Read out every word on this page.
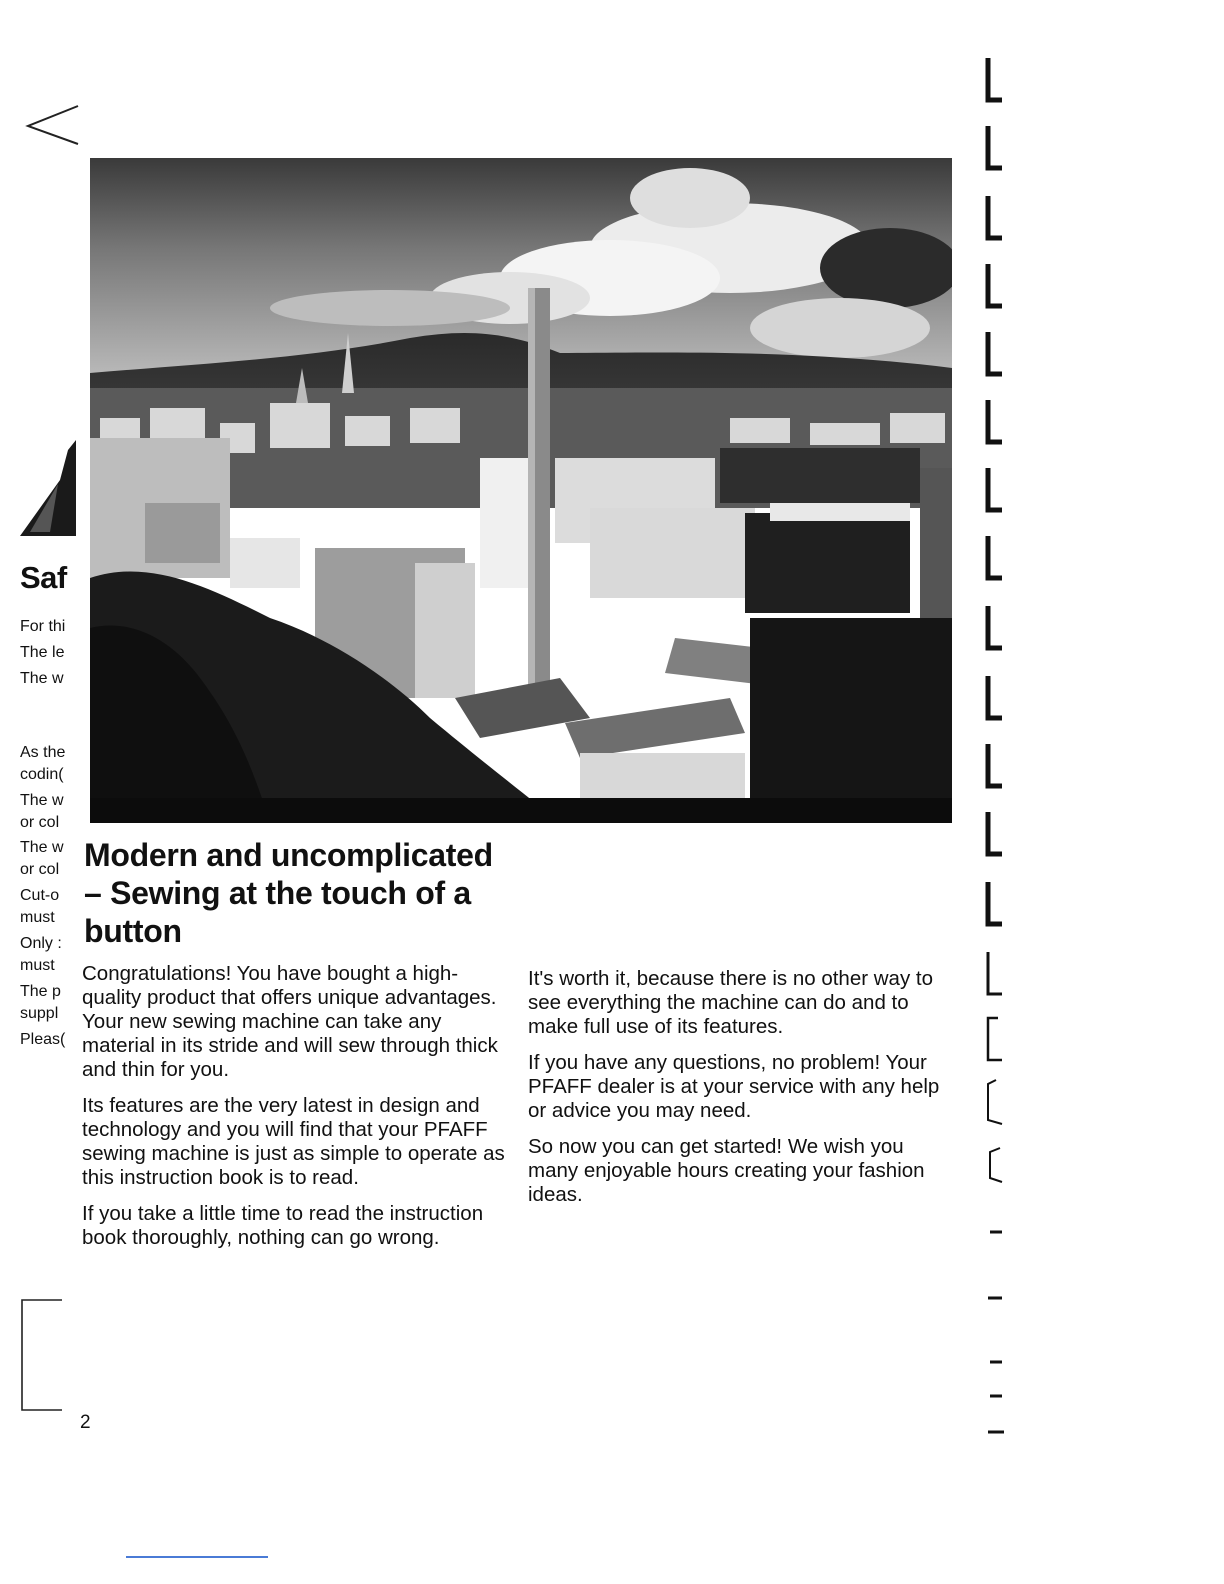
Saf
For thi
The le
The w
As the
codin(
The w
or col
The w
or col
Cut-o
must
Only :
must
The p
suppl
Pleas(
Modern and uncomplicated – Sewing at the touch of a button

Congratulations! You have bought a high-quality product that offers unique advantages. Your new sewing machine can take any material in its stride and will sew through thick and thin for you.

Its features are the very latest in design and technology and you will find that your PFAFF sewing machine is just as simple to operate as this instruction book is to read.

If you take a little time to read the instruction book thoroughly, nothing can go wrong.

It's worth it, because there is no other way to see everything the machine can do and to make full use of its features.

If you have any questions, no problem! Your PFAFF dealer is at your service with any help or advice you may need.

So now you can get started! We wish you many enjoyable hours creating your fashion ideas.

2
